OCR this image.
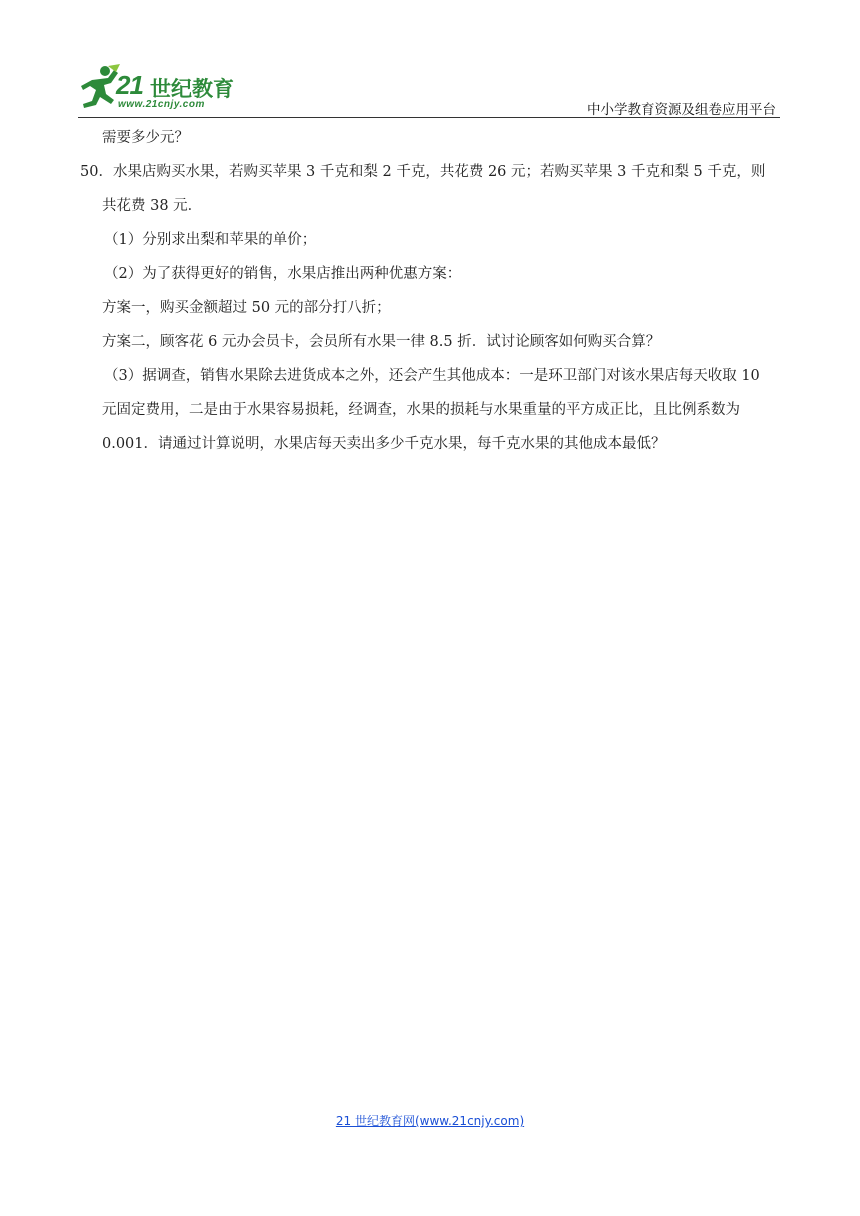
21 世纪教育
www.21cnjy.com	中小学教育资源及组卷应用平台
需要多少元？
50．水果店购买水果，若购买苹果 3 千克和梨 2 千克，共花费 26 元；若购买苹果 3 千克和梨 5 千克，则
共花费 38 元．
（1）分别求出梨和苹果的单价；
（2）为了获得更好的销售，水果店推出两种优惠方案：
方案一，购买金额超过 50 元的部分打八折；
方案二，顾客花 6 元办会员卡，会员所有水果一律 8.5 折．试讨论顾客如何购买合算？
（3）据调查，销售水果除去进货成本之外，还会产生其他成本：一是环卫部门对该水果店每天收取 10
元固定费用，二是由于水果容易损耗，经调查，水果的损耗与水果重量的平方成正比，且比例系数为
0.001．请通过计算说明，水果店每天卖出多少千克水果，每千克水果的其他成本最低？
21 世纪教育网(www.21cnjy.com)
